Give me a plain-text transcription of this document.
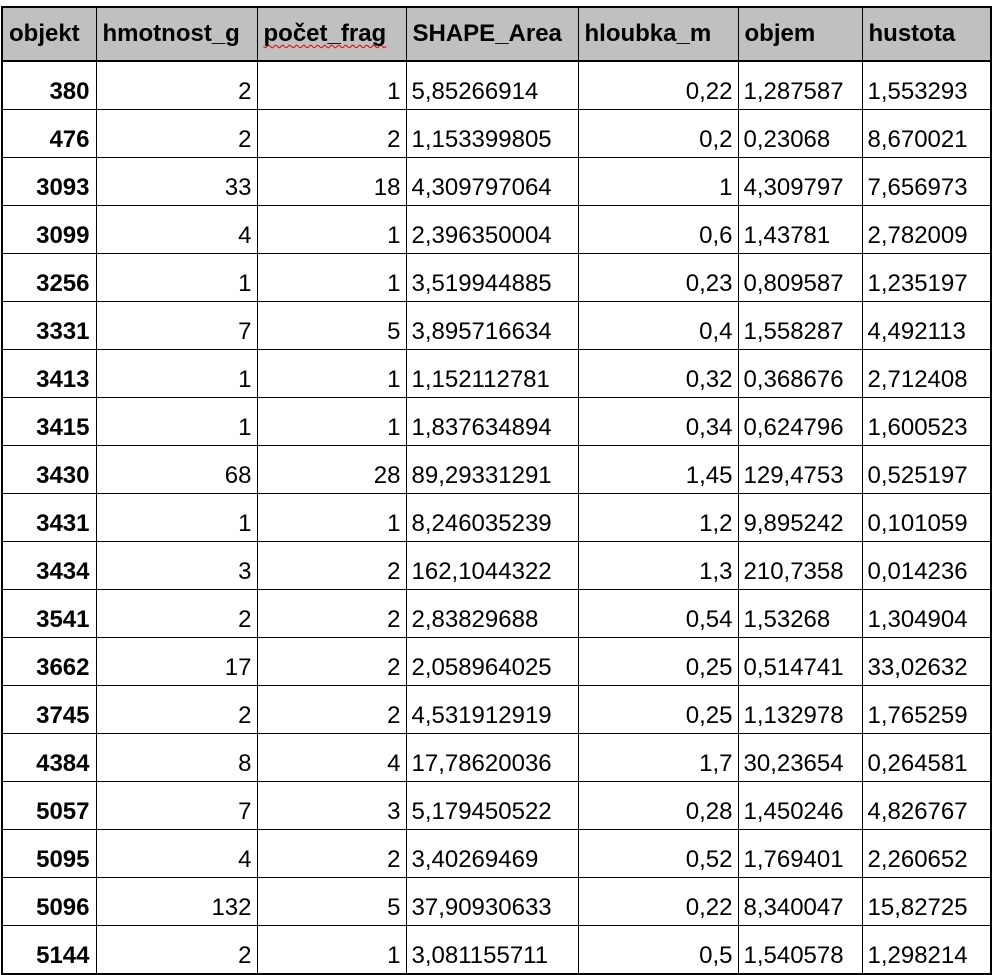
objekt	hmotnost_g	počet_frag	SHAPE_Area	hloubka_m	objem	hustota
380	2	1	5,85266914	0,22	1,287587	1,553293
476	2	2	1,153399805	0,2	0,23068	8,670021
3093	33	18	4,309797064	1	4,309797	7,656973
3099	4	1	2,396350004	0,6	1,43781	2,782009
3256	1	1	3,519944885	0,23	0,809587	1,235197
3331	7	5	3,895716634	0,4	1,558287	4,492113
3413	1	1	1,152112781	0,32	0,368676	2,712408
3415	1	1	1,837634894	0,34	0,624796	1,600523
3430	68	28	89,29331291	1,45	129,4753	0,525197
3431	1	1	8,246035239	1,2	9,895242	0,101059
3434	3	2	162,1044322	1,3	210,7358	0,014236
3541	2	2	2,83829688	0,54	1,53268	1,304904
3662	17	2	2,058964025	0,25	0,514741	33,02632
3745	2	2	4,531912919	0,25	1,132978	1,765259
4384	8	4	17,78620036	1,7	30,23654	0,264581
5057	7	3	5,179450522	0,28	1,450246	4,826767
5095	4	2	3,40269469	0,52	1,769401	2,260652
5096	132	5	37,90930633	0,22	8,340047	15,82725
5144	2	1	3,081155711	0,5	1,540578	1,298214
